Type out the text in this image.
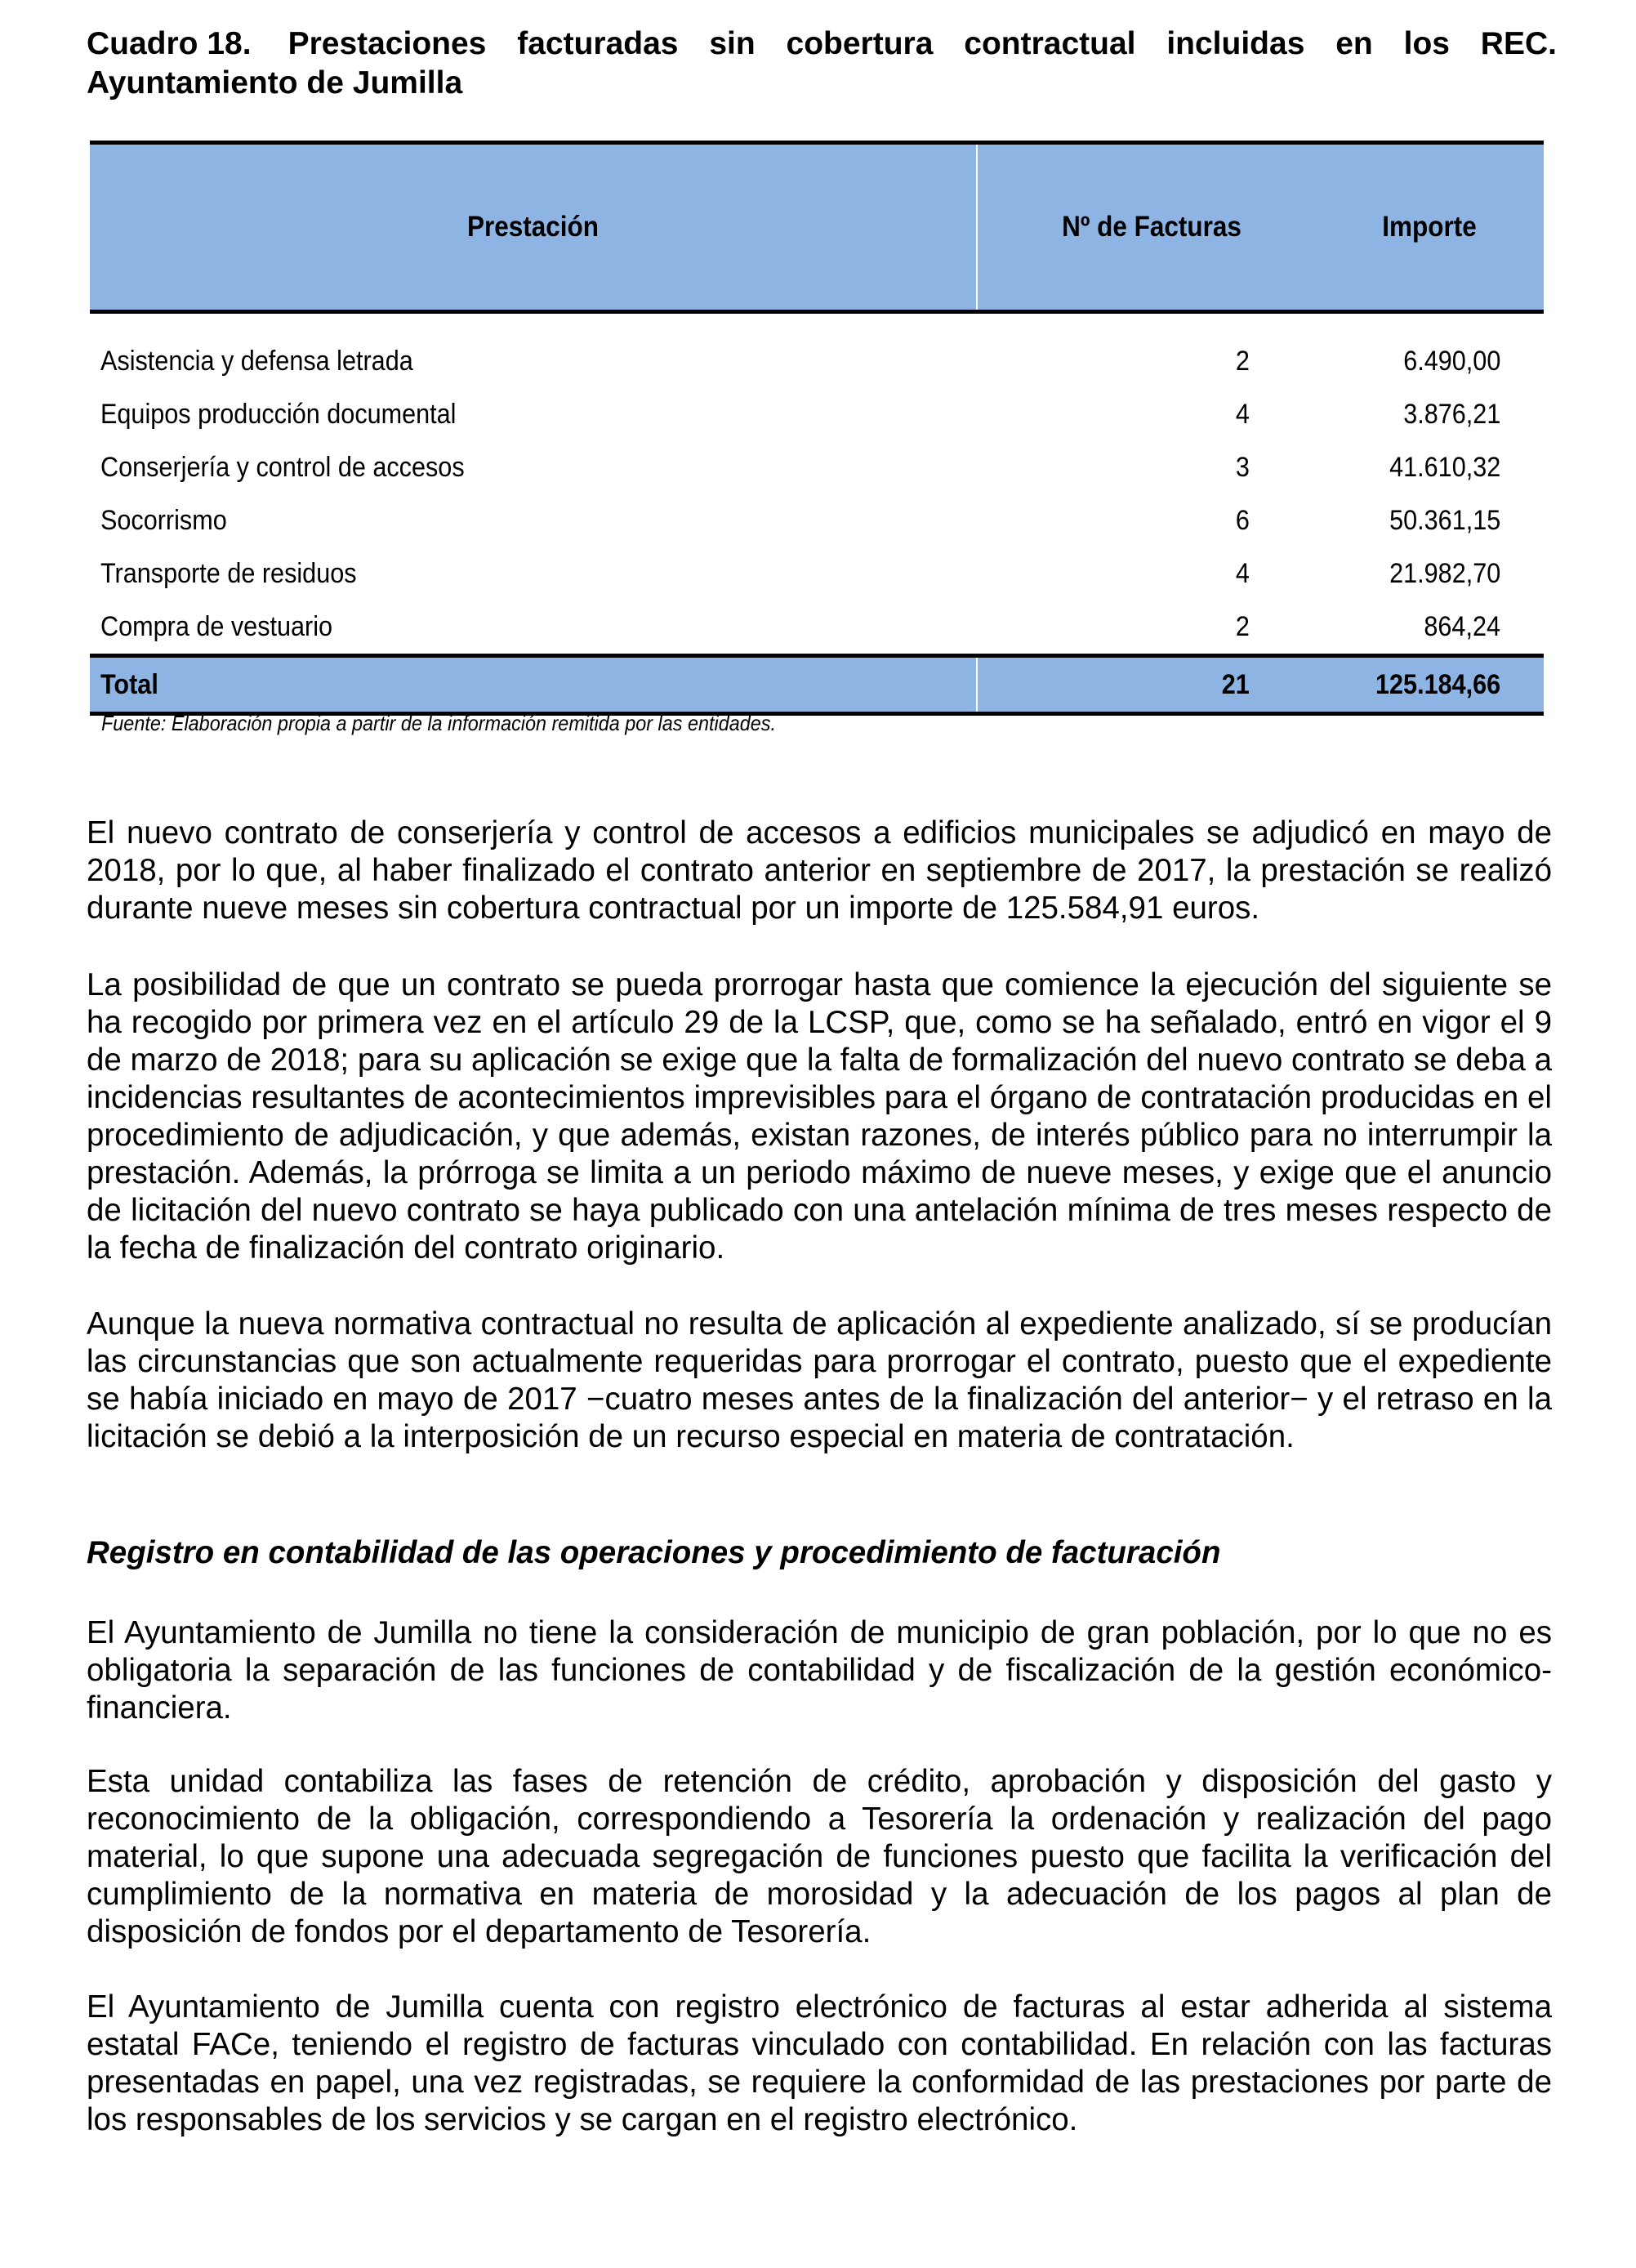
Cuadro 18. Prestaciones facturadas sin cobertura contractual incluidas en los REC.
Ayuntamiento de Jumilla
Prestación	Nº de Facturas	Importe
Asistencia y defensa letrada	2	6.490,00
Equipos producción documental	4	3.876,21
Conserjería y control de accesos	3	41.610,32
Socorrismo	6	50.361,15
Transporte de residuos	4	21.982,70
Compra de vestuario	2	864,24
Total	21	125.184,66
Fuente: Elaboración propia a partir de la información remitida por las entidades.

El nuevo contrato de conserjería y control de accesos a edificios municipales se adjudicó en mayo de 2018, por lo que, al haber finalizado el contrato anterior en septiembre de 2017, la prestación se realizó durante nueve meses sin cobertura contractual por un importe de 125.584,91 euros.

La posibilidad de que un contrato se pueda prorrogar hasta que comience la ejecución del siguiente se ha recogido por primera vez en el artículo 29 de la LCSP, que, como se ha señalado, entró en vigor el 9 de marzo de 2018; para su aplicación se exige que la falta de formalización del nuevo contrato se deba a incidencias resultantes de acontecimientos imprevisibles para el órgano de contratación producidas en el procedimiento de adjudicación, y que además, existan razones, de interés público para no interrumpir la prestación. Además, la prórroga se limita a un periodo máximo de nueve meses, y exige que el anuncio de licitación del nuevo contrato se haya publicado con una antelación mínima de tres meses respecto de la fecha de finalización del contrato originario.

Aunque la nueva normativa contractual no resulta de aplicación al expediente analizado, sí se producían las circunstancias que son actualmente requeridas para prorrogar el contrato, puesto que el expediente se había iniciado en mayo de 2017 −cuatro meses antes de la finalización del anterior− y el retraso en la licitación se debió a la interposición de un recurso especial en materia de contratación.

Registro en contabilidad de las operaciones y procedimiento de facturación

El Ayuntamiento de Jumilla no tiene la consideración de municipio de gran población, por lo que no es obligatoria la separación de las funciones de contabilidad y de fiscalización de la gestión económico-financiera.

Esta unidad contabiliza las fases de retención de crédito, aprobación y disposición del gasto y reconocimiento de la obligación, correspondiendo a Tesorería la ordenación y realización del pago material, lo que supone una adecuada segregación de funciones puesto que facilita la verificación del cumplimiento de la normativa en materia de morosidad y la adecuación de los pagos al plan de disposición de fondos por el departamento de Tesorería.

El Ayuntamiento de Jumilla cuenta con registro electrónico de facturas al estar adherida al sistema estatal FACe, teniendo el registro de facturas vinculado con contabilidad. En relación con las facturas presentadas en papel, una vez registradas, se requiere la conformidad de las prestaciones por parte de los responsables de los servicios y se cargan en el registro electrónico.
